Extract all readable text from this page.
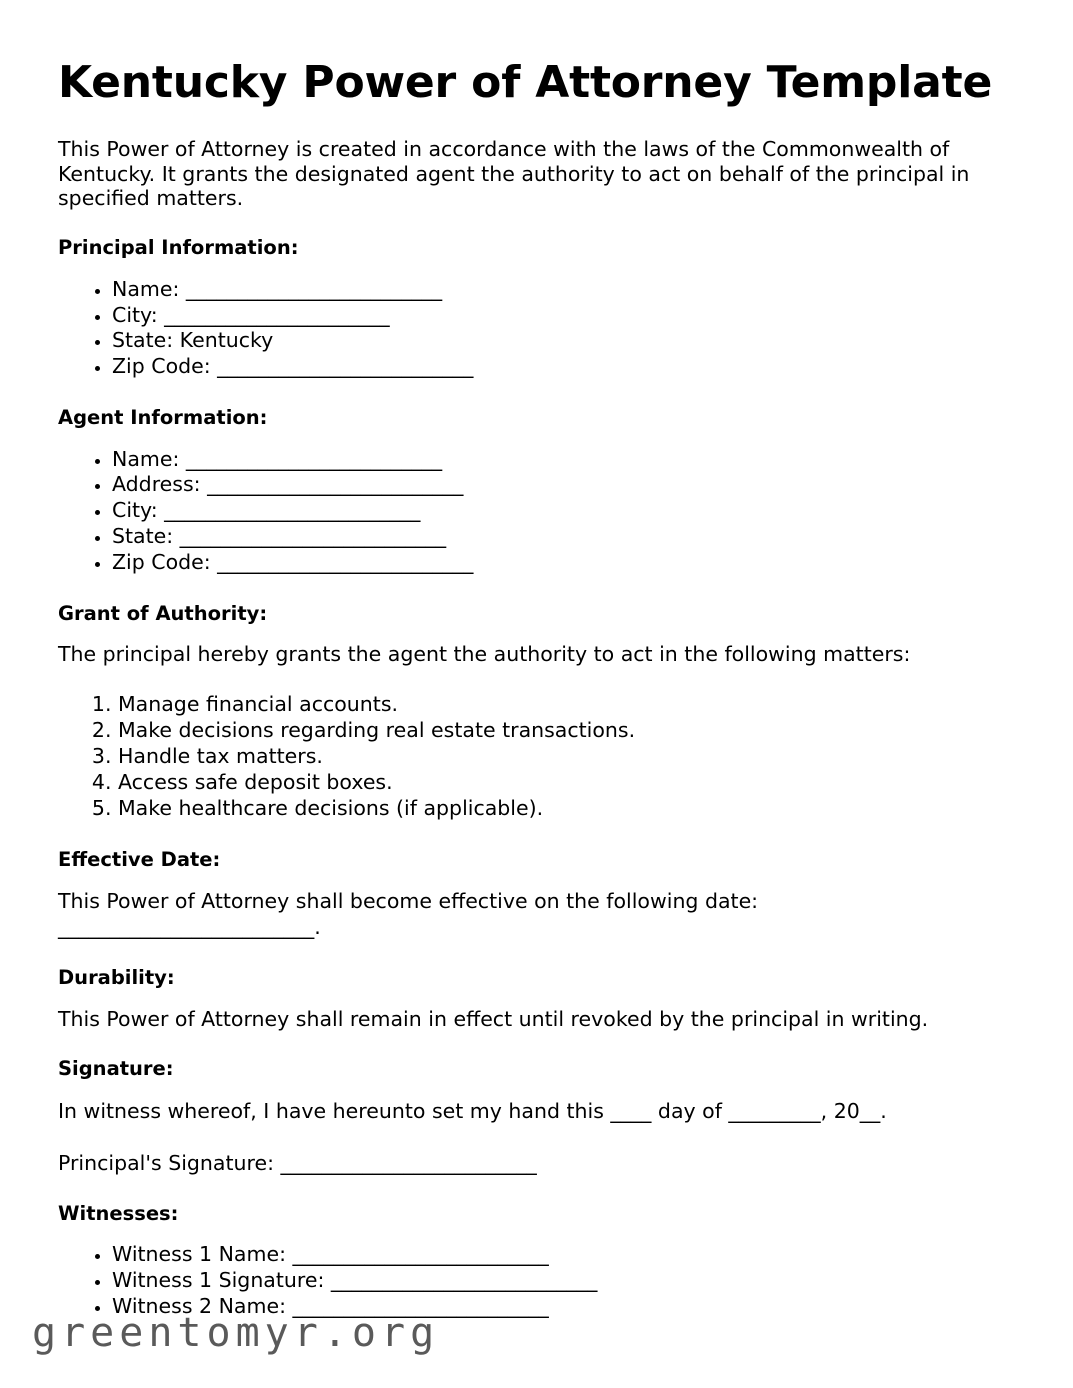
Kentucky Power of Attorney Template

This Power of Attorney is created in accordance with the laws of the Commonwealth of Kentucky. It grants the designated agent the authority to act on behalf of the principal in specified matters.

Principal Information:
• Name: _________________________
• City: ______________________
• State: Kentucky
• Zip Code: _________________________
Agent Information:
• Name: _________________________
• Address: _________________________
• City: _________________________
• State: __________________________
• Zip Code: _________________________
Grant of Authority:

The principal hereby grants the agent the authority to act in the following matters:

1. Manage financial accounts.
2. Make decisions regarding real estate transactions.
3. Handle tax matters.
4. Access safe deposit boxes.
5. Make healthcare decisions (if applicable).
Effective Date:

This Power of Attorney shall become effective on the following date: _________________________.

Durability:

This Power of Attorney shall remain in effect until revoked by the principal in writing.

Signature:

In witness whereof, I have hereunto set my hand this ____ day of _________, 20__.

Principal's Signature: _________________________

Witnesses:
• Witness 1 Name: _________________________
• Witness 1 Signature: __________________________
• Witness 2 Name: _________________________
greentomyr.org
